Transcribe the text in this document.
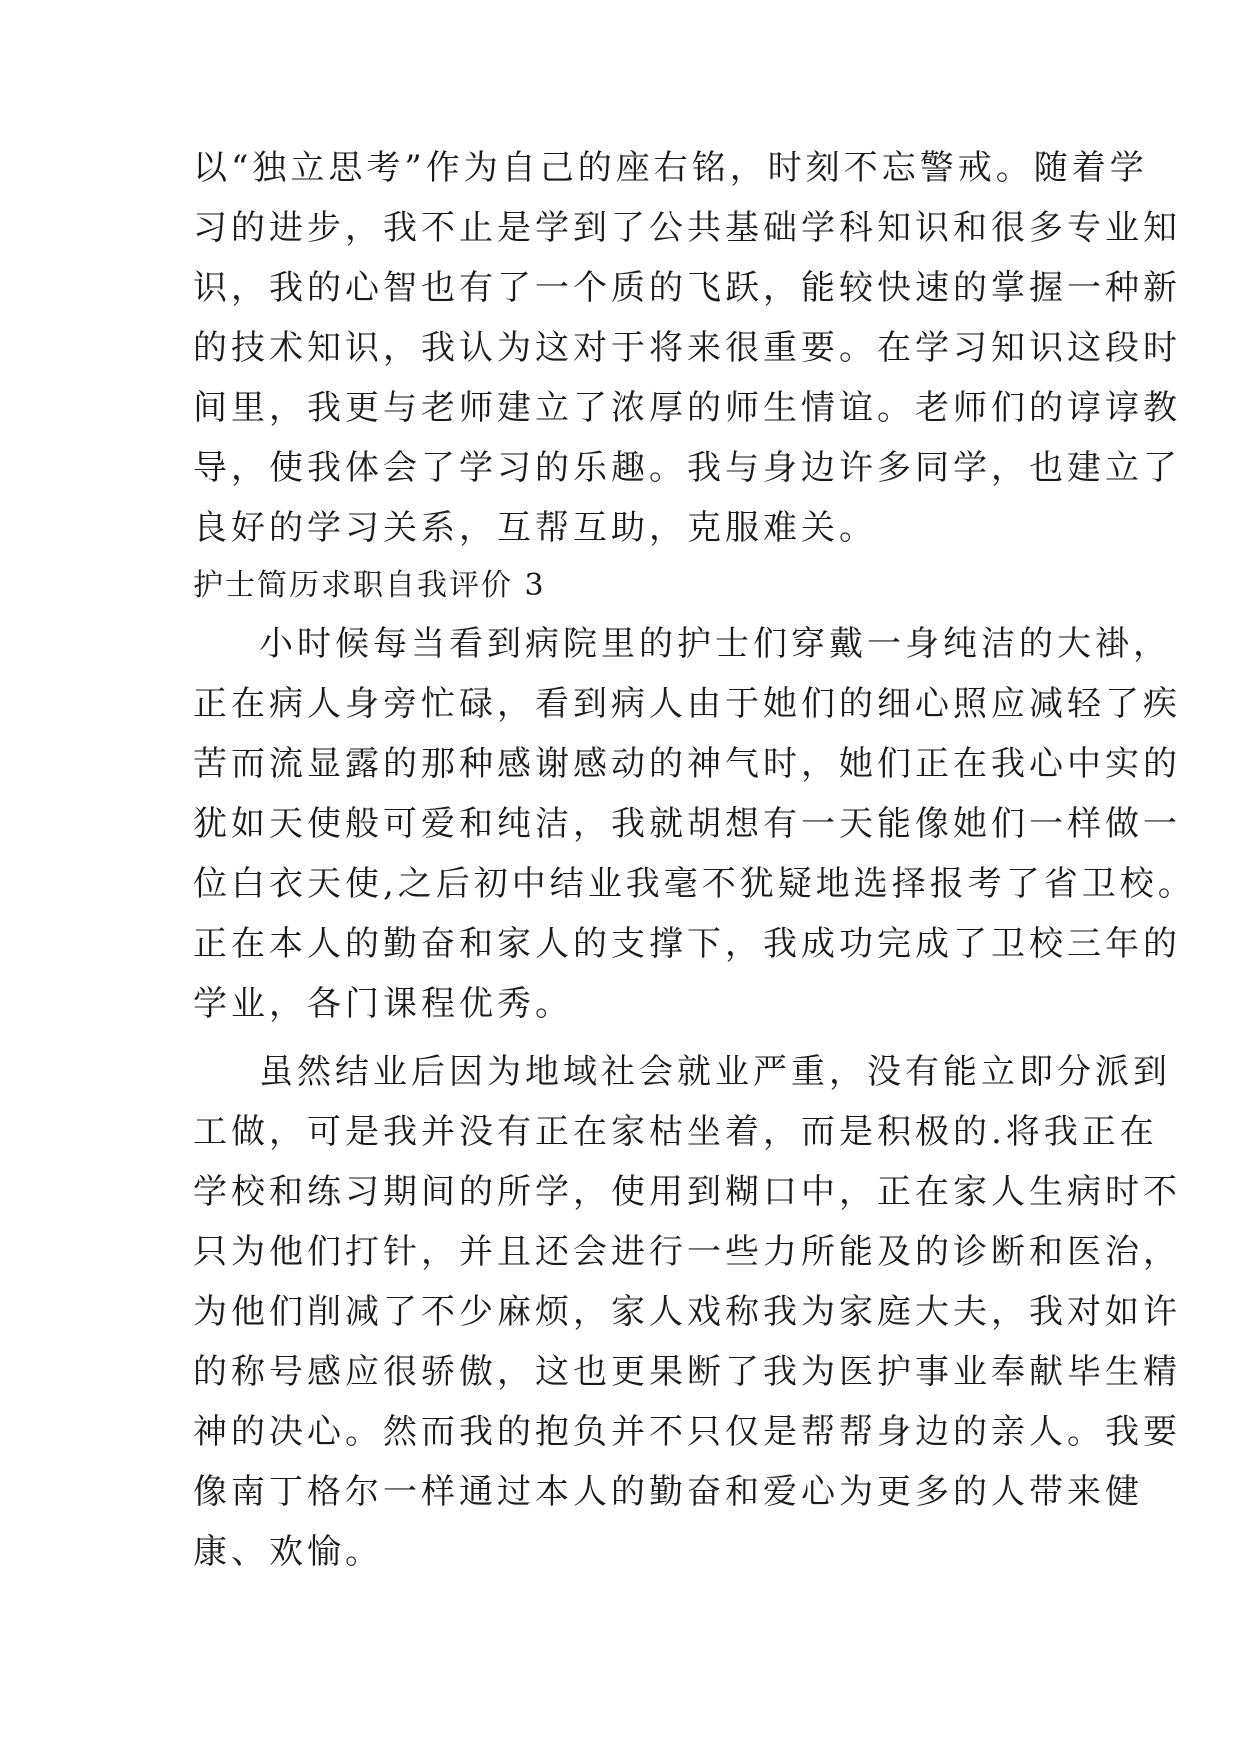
以“独立思考”作为自己的座右铭，时刻不忘警戒。随着学
习的进步，我不止是学到了公共基础学科知识和很多专业知
识，我的心智也有了一个质的飞跃，能较快速的掌握一种新
的技术知识，我认为这对于将来很重要。在学习知识这段时
间里，我更与老师建立了浓厚的师生情谊。老师们的谆谆教
导，使我体会了学习的乐趣。我与身边许多同学，也建立了
良好的学习关系，互帮互助，克服难关。
护士简历求职自我评价 3
小时候每当看到病院里的护士们穿戴一身纯洁的大褂，
正在病人身旁忙碌，看到病人由于她们的细心照应减轻了疾
苦而流显露的那种感谢感动的神气时，她们正在我心中实的
犹如天使般可爱和纯洁，我就胡想有一天能像她们一样做一
位白衣天使,之后初中结业我毫不犹疑地选择报考了省卫校。
正在本人的勤奋和家人的支撑下，我成功完成了卫校三年的
学业，各门课程优秀。
虽然结业后因为地域社会就业严重，没有能立即分派到
工做，可是我并没有正在家枯坐着，而是积极的.将我正在
学校和练习期间的所学，使用到糊口中，正在家人生病时不
只为他们打针，并且还会进行一些力所能及的诊断和医治，
为他们削减了不少麻烦，家人戏称我为家庭大夫，我对如许
的称号感应很骄傲，这也更果断了我为医护事业奉献毕生精
神的决心。然而我的抱负并不只仅是帮帮身边的亲人。我要
像南丁格尔一样通过本人的勤奋和爱心为更多的人带来健
康、欢愉。
